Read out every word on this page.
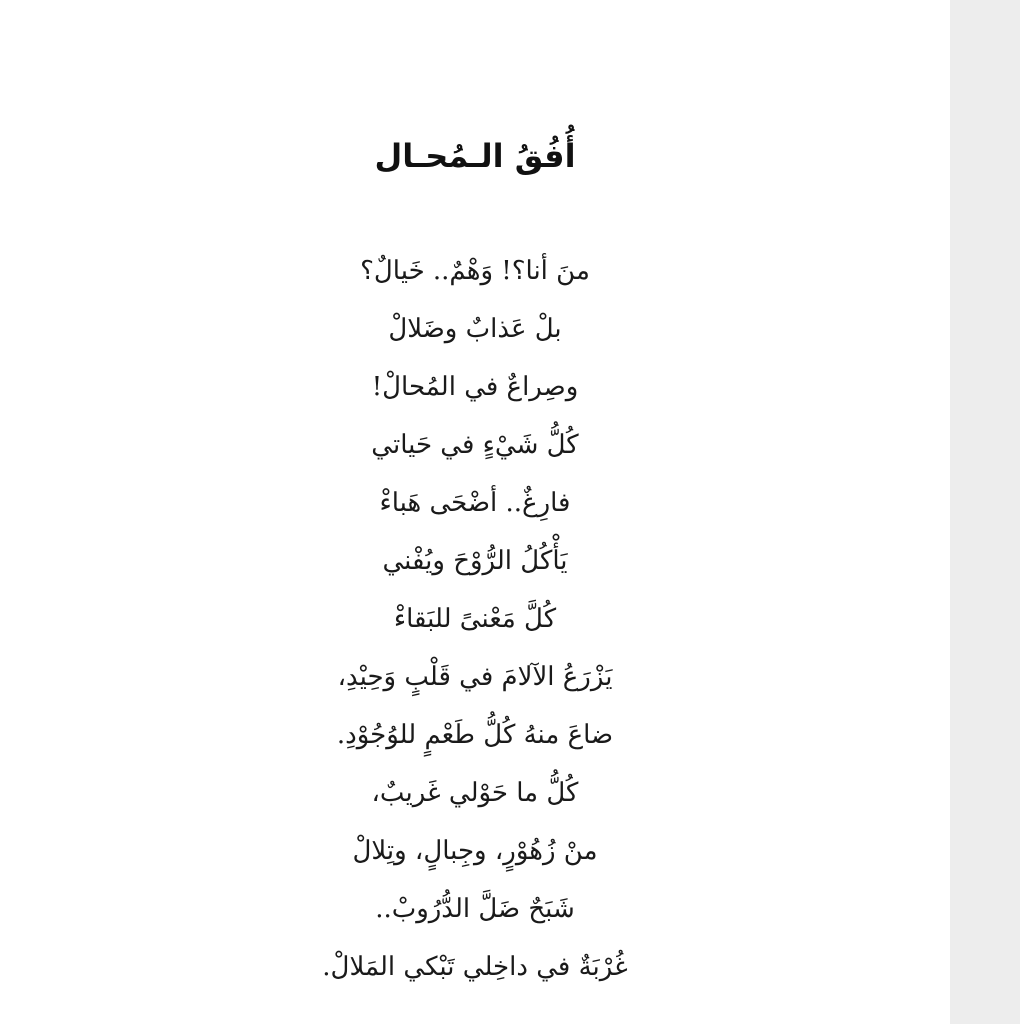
أُفُقُ الـمُحـال
منَ أنا؟! وَهْمٌ.. خَيالٌ؟
بلْ عَذابٌ وضَلالْ
وصِراعٌ في المُحالْ!
كُلُّ شَيْءٍ في حَياتي
فارِغٌ.. أضْحَى هَباءْ
يَأْكُلُ الرُّوْحَ ويُفْني
كُلَّ مَعْنىً للبَقاءْ
يَزْرَعُ الآلامَ في قَلْبٍ وَحِيْدِ،
ضاعَ منهُ كُلُّ طَعْمٍ للوُجُوْدِ.
كُلُّ ما حَوْلي غَريبٌ،
منْ زُهُوْرٍ، وجِبالٍ، وتِلالْ
شَبَحٌ ضَلَّ الدُّرُوبْ..
غُرْبَةٌ في داخِلي تَبْكي المَلالْ.
